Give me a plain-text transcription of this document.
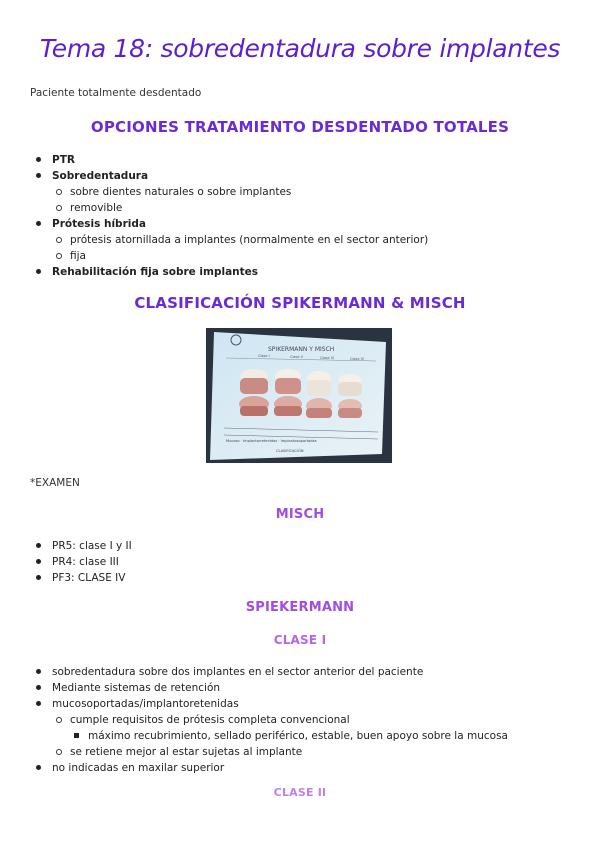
Tema 18: sobredentadura sobre implantes
Paciente totalmente desdentado
OPCIONES TRATAMIENTO DESDENTADO TOTALES
PTR
Sobredentadura
sobre dientes naturales o sobre implantes
removible
Prótesis híbrida
prótesis atornillada a implantes (normalmente en el sector anterior)
fija
Rehabilitación fija sobre implantes
CLASIFICACIÓN SPIKERMANN & MISCH
SPIKERMANN Y MISCH
Clase I	Clase II	Clase III	Clase IV
Mucoso · Implantorretenidas · Implantosoportadas
CLASIFICACIÓN
*EXAMEN
MISCH
PR5: clase I y II
PR4: clase III
PF3: CLASE IV
SPIEKERMANN
CLASE I
sobredentadura sobre dos implantes en el sector anterior del paciente
Mediante sistemas de retención
mucosoportadas/implantoretenidas
cumple requisitos de prótesis completa convencional
máximo recubrimiento, sellado periférico, estable, buen apoyo sobre la mucosa
se retiene mejor al estar sujetas al implante
no indicadas en maxilar superior
CLASE II
